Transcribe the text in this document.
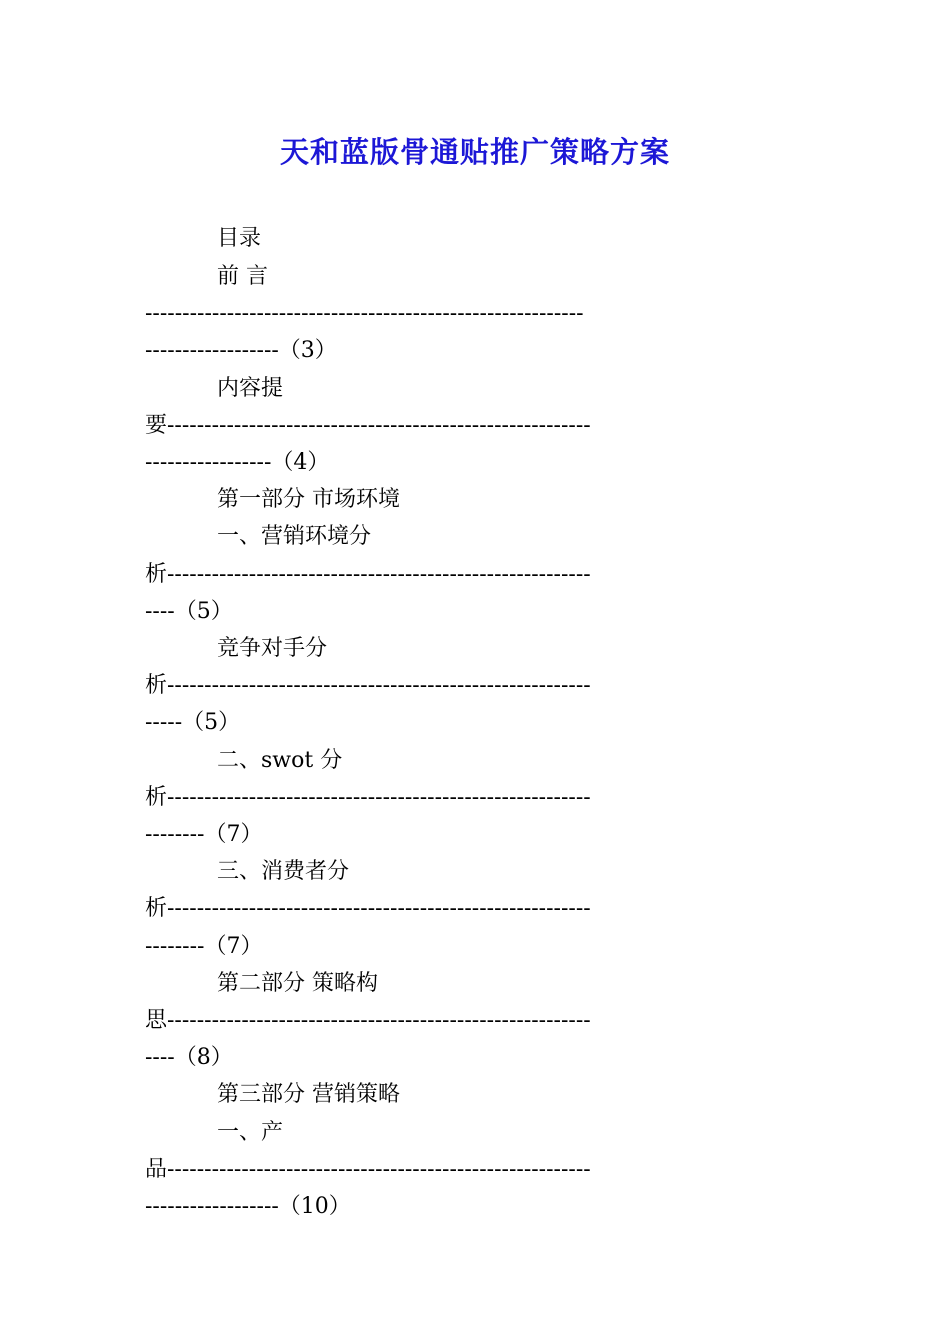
天和蓝版骨通贴推广策略方案
目录
前 言
-----------------------------------------------------------
------------------（3）
内容提
要---------------------------------------------------------
-----------------（4）
第一部分 市场环境
一、营销环境分
析---------------------------------------------------------
----（5）
竞争对手分
析---------------------------------------------------------
-----（5）
二、swot 分
析---------------------------------------------------------
--------（7）
三、消费者分
析---------------------------------------------------------
--------（7）
第二部分 策略构
思---------------------------------------------------------
----（8）
第三部分 营销策略
一、产
品---------------------------------------------------------
------------------（10）
